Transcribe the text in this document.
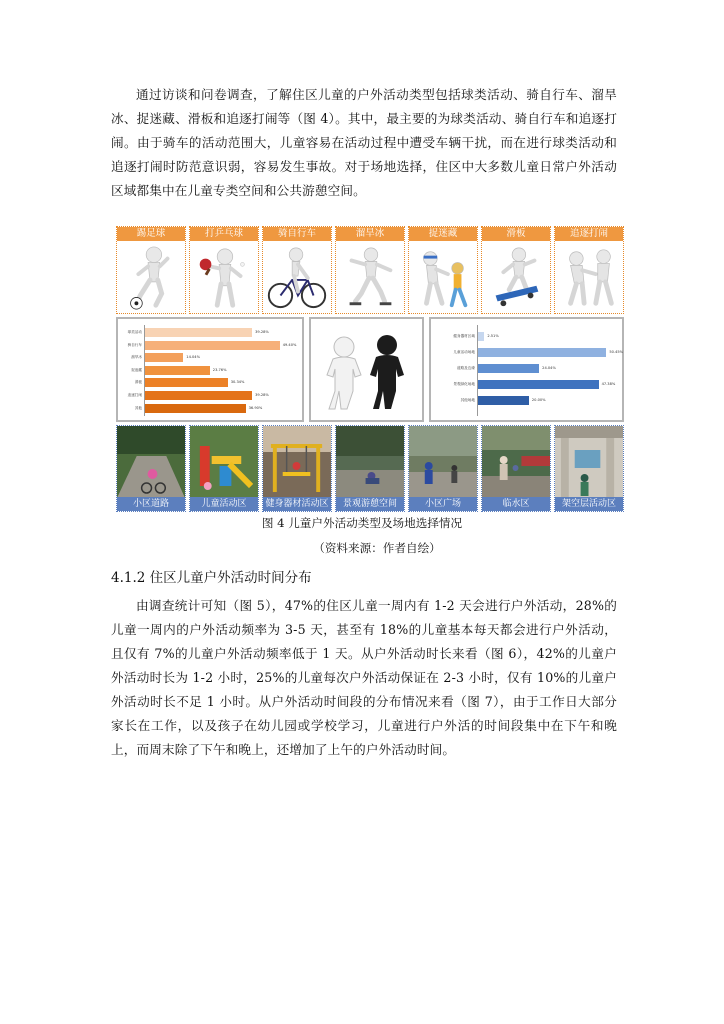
通过访谈和问卷调查，了解住区儿童的户外活动类型包括球类活动、骑自行车、溜旱冰、捉迷藏、滑板和追逐打闹等（图 4）。其中，最主要的为球类活动、骑自行车和追逐打闹。由于骑车的活动范围大，儿童容易在活动过程中遭受车辆干扰，而在进行球类活动和追逐打闹时防范意识弱，容易发生事故。对于场地选择，住区中大多数儿童日常户外活动区域都集中在儿童专类空间和公共游憩空间。

踢足球	打乒乓球	骑自行车	溜旱冰	捉迷藏	滑板	追逐打闹
球类活动	39.28%
骑自行车	49.40%
溜旱冰	14.04%
捉迷藏	23.76%
滑板	30.34%
追逐打闹	39.28%
其他	36.90%
健身器材区域	2.51%
儿童活动场地	50.45%
道路及边缘	24.04%
景观绿化场地	47.38%
其他场地	20.00%
小区道路	儿童活动区	健身器材活动区	景观游憩空间	小区广场	临水区	架空层活动区
图 4 儿童户外活动类型及场地选择情况
（资料来源：作者自绘）
4.1.2 住区儿童户外活动时间分布

由调查统计可知（图 5），47%的住区儿童一周内有 1-2 天会进行户外活动，28%的儿童一周内的户外活动频率为 3-5 天，甚至有 18%的儿童基本每天都会进行户外活动，且仅有 7%的儿童户外活动频率低于 1 天。从户外活动时长来看（图 6），42%的儿童户外活动时长为 1-2 小时，25%的儿童每次户外活动保证在 2-3 小时，仅有 10%的儿童户外活动时长不足 1 小时。从户外活动时间段的分布情况来看（图 7），由于工作日大部分家长在工作，以及孩子在幼儿园或学校学习，儿童进行户外活的时间段集中在下午和晚上，而周末除了下午和晚上，还增加了上午的户外活动时间。
